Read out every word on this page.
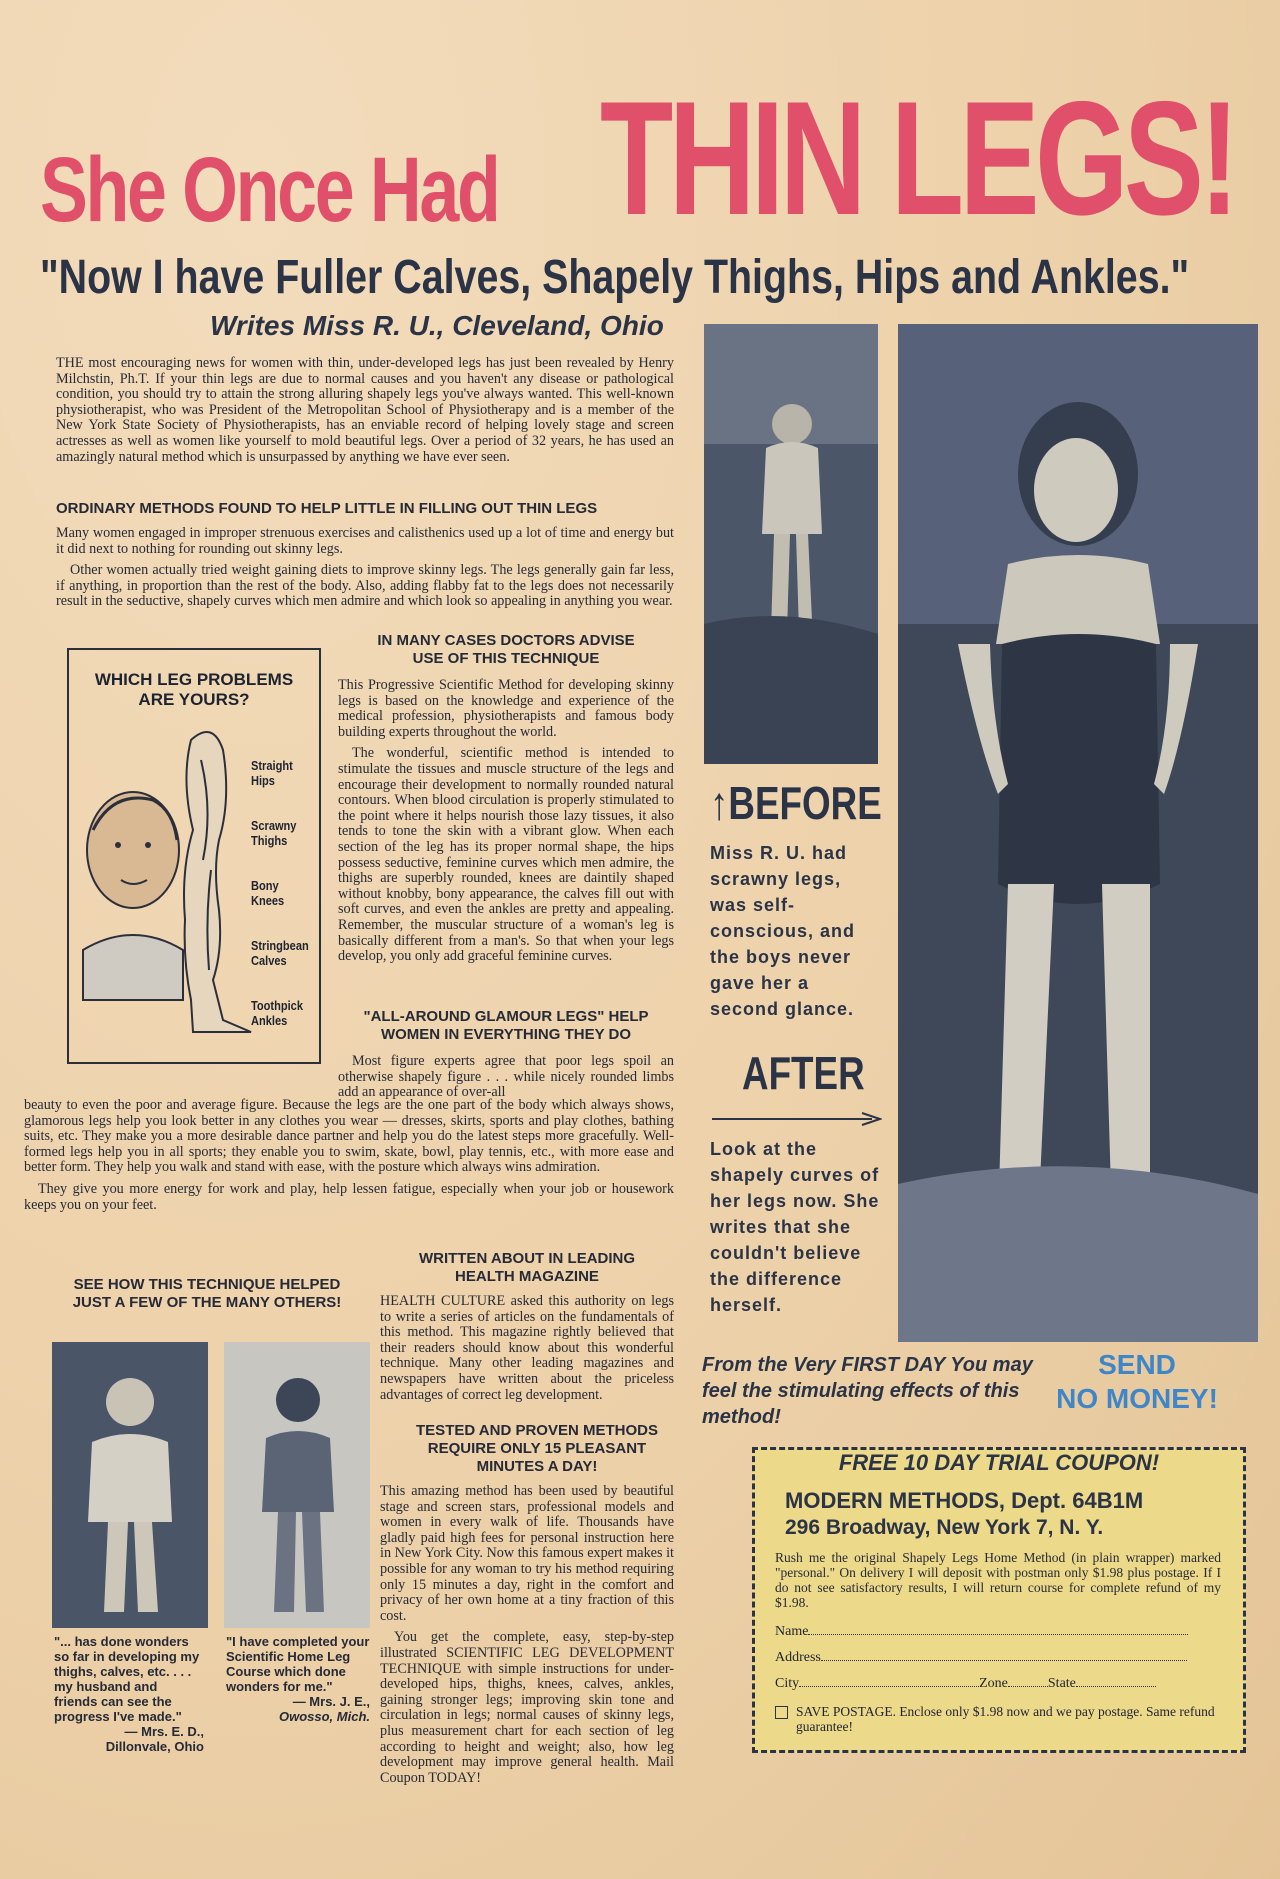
She Once Had THIN LEGS!
"Now I have Fuller Calves, Shapely Thighs, Hips and Ankles."
Writes Miss R. U., Cleveland, Ohio

THE most encouraging news for women with thin, under-developed legs has just been revealed by Henry Milchstin, Ph.T. If your thin legs are due to normal causes and you haven't any disease or pathological condition, you should try to attain the strong alluring shapely legs you've always wanted. This well-known physiotherapist, who was President of the Metropolitan School of Physiotherapy and is a member of the New York State Society of Physiotherapists, has an enviable record of helping lovely stage and screen actresses as well as women like yourself to mold beautiful legs. Over a period of 32 years, he has used an amazingly natural method which is unsurpassed by anything we have ever seen.

ORDINARY METHODS FOUND TO HELP LITTLE IN FILLING OUT THIN LEGS

Many women engaged in improper strenuous exercises and calisthenics used up a lot of time and energy but it did next to nothing for rounding out skinny legs.

Other women actually tried weight gaining diets to improve skinny legs. The legs generally gain far less, if anything, in proportion than the rest of the body. Also, adding flabby fat to the legs does not necessarily result in the seductive, shapely curves which men admire and which look so appealing in anything you wear.

WHICH LEG PROBLEMS
ARE YOURS?
Straight Hips
Scrawny Thighs
Bony Knees
Stringbean Calves
Toothpick Ankles
IN MANY CASES DOCTORS ADVISE
USE OF THIS TECHNIQUE

This Progressive Scientific Method for developing skinny legs is based on the knowledge and experience of the medical profession, physiotherapists and famous body building experts throughout the world.

The wonderful, scientific method is intended to stimulate the tissues and muscle structure of the legs and encourage their development to normally rounded natural contours. When blood circulation is properly stimulated to the point where it helps nourish those lazy tissues, it also tends to tone the skin with a vibrant glow. When each section of the leg has its proper normal shape, the hips possess seductive, feminine curves which men admire, the thighs are superbly rounded, knees are daintily shaped without knobby, bony appearance, the calves fill out with soft curves, and even the ankles are pretty and appealing. Remember, the muscular structure of a woman's leg is basically different from a man's. So that when your legs develop, you only add graceful feminine curves.

"ALL-AROUND GLAMOUR LEGS" HELP
WOMEN IN EVERYTHING THEY DO

Most figure experts agree that poor legs spoil an otherwise shapely figure . . . while nicely rounded limbs add an appearance of over-all

beauty to even the poor and average figure. Because the legs are the one part of the body which always shows, glamorous legs help you look better in any clothes you wear — dresses, skirts, sports and play clothes, bathing suits, etc. They make you a more desirable dance partner and help you do the latest steps more gracefully. Well-formed legs help you in all sports; they enable you to swim, skate, bowl, play tennis, etc., with more ease and better form. They help you walk and stand with ease, with the posture which always wins admiration.

They give you more energy for work and play, help lessen fatigue, especially when your job or housework keeps you on your feet.

SEE HOW THIS TECHNIQUE HELPED
JUST A FEW OF THE MANY OTHERS!
"... has done wonders so far in developing my thighs, calves, etc. . . . my husband and friends can see the progress I've made."
— Mrs. E. D.,
Dillonvale, Ohio
"I have completed your Scientific Home Leg Course which done wonders for me."
— Mrs. J. E.,
Owosso, Mich.
WRITTEN ABOUT IN LEADING
HEALTH MAGAZINE

HEALTH CULTURE asked this authority on legs to write a series of articles on the fundamentals of this method. This magazine rightly believed that their readers should know about this wonderful technique. Many other leading magazines and newspapers have written about the priceless advantages of correct leg development.

TESTED AND PROVEN METHODS
REQUIRE ONLY 15 PLEASANT
MINUTES A DAY!

This amazing method has been used by beautiful stage and screen stars, professional models and women in every walk of life. Thousands have gladly paid high fees for personal instruction here in New York City. Now this famous expert makes it possible for any woman to try his method requiring only 15 minutes a day, right in the comfort and privacy of her own home at a tiny fraction of this cost.

You get the complete, easy, step-by-step illustrated SCIENTIFIC LEG DEVELOPMENT TECHNIQUE with simple instructions for under-developed hips, thighs, knees, calves, ankles, gaining stronger legs; improving skin tone and circulation in legs; normal causes of skinny legs, plus measurement chart for each section of leg according to height and weight; also, how leg development may improve general health. Mail Coupon TODAY!

↑BEFORE
Miss R. U. had scrawny legs, was self-conscious, and the boys never gave her a second glance.
AFTER
Look at the shapely curves of her legs now. She writes that she couldn't believe the difference herself.
From the Very FIRST DAY You may feel the stimulating effects of this method!
SEND
NO MONEY!
FREE 10 DAY TRIAL COUPON!
MODERN METHODS, Dept. 64B1M
296 Broadway, New York 7, N. Y.
Rush me the original Shapely Legs Home Method (in plain wrapper) marked "personal." On delivery I will deposit with postman only $1.98 plus postage. If I do not see satisfactory results, I will return course for complete refund of my $1.98.
Name
Address
City	Zone	State
SAVE POSTAGE. Enclose only $1.98 now and we pay postage. Same refund guarantee!
